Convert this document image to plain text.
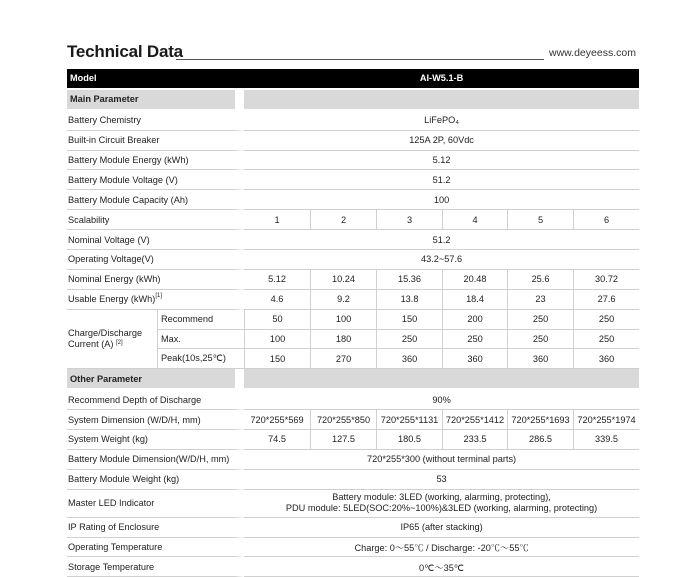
Technical Data	www.deyeess.com
Model		AI-W5.1-B					
Main Parameter							
Battery Chemistry		LiFePO₄					
Built-in Circuit Breaker		125A 2P, 60Vdc					
Battery Module Energy (kWh)		5.12					
Battery Module Voltage (V)		51.2					
Battery Module Capacity (Ah)		100					
Scalability		1	2	3	4	5	6
Nominal Voltage (V)		51.2					
Operating Voltage(V)		43.2~57.6					
Nominal Energy (kWh)		5.12	10.24	15.36	20.48	25.6	30.72
Usable Energy (kWh)[1]		4.6	9.2	13.8	18.4	23	27.6
Charge/Discharge
Current (A) [2]	Recommend	50	100	150	200	250	250
	Max.	100	180	250	250	250	250
	Peak(10s,25℃)	150	270	360	360	360	360
Other Parameter							
Recommend Depth of Discharge		90%					
System Dimension (W/D/H, mm)		720*255*569	720*255*850	720*255*1131	720*255*1412	720*255*1693	720*255*1974
System Weight (kg)		74.5	127.5	180.5	233.5	286.5	339.5
Battery Module Dimension(W/D/H, mm)		720*255*300 (without terminal parts)					
Battery Module Weight (kg)		53					
Master LED Indicator		Battery module: 3LED (working, alarming, protecting),
PDU module: 5LED(SOC:20%~100%)&3LED (working, alarming, protecting)					
IP Rating of Enclosure		IP65 (after stacking)					
Operating Temperature		Charge: 0～55℃ / Discharge: -20℃～55℃					
Storage Temperature		0℃～35℃					
